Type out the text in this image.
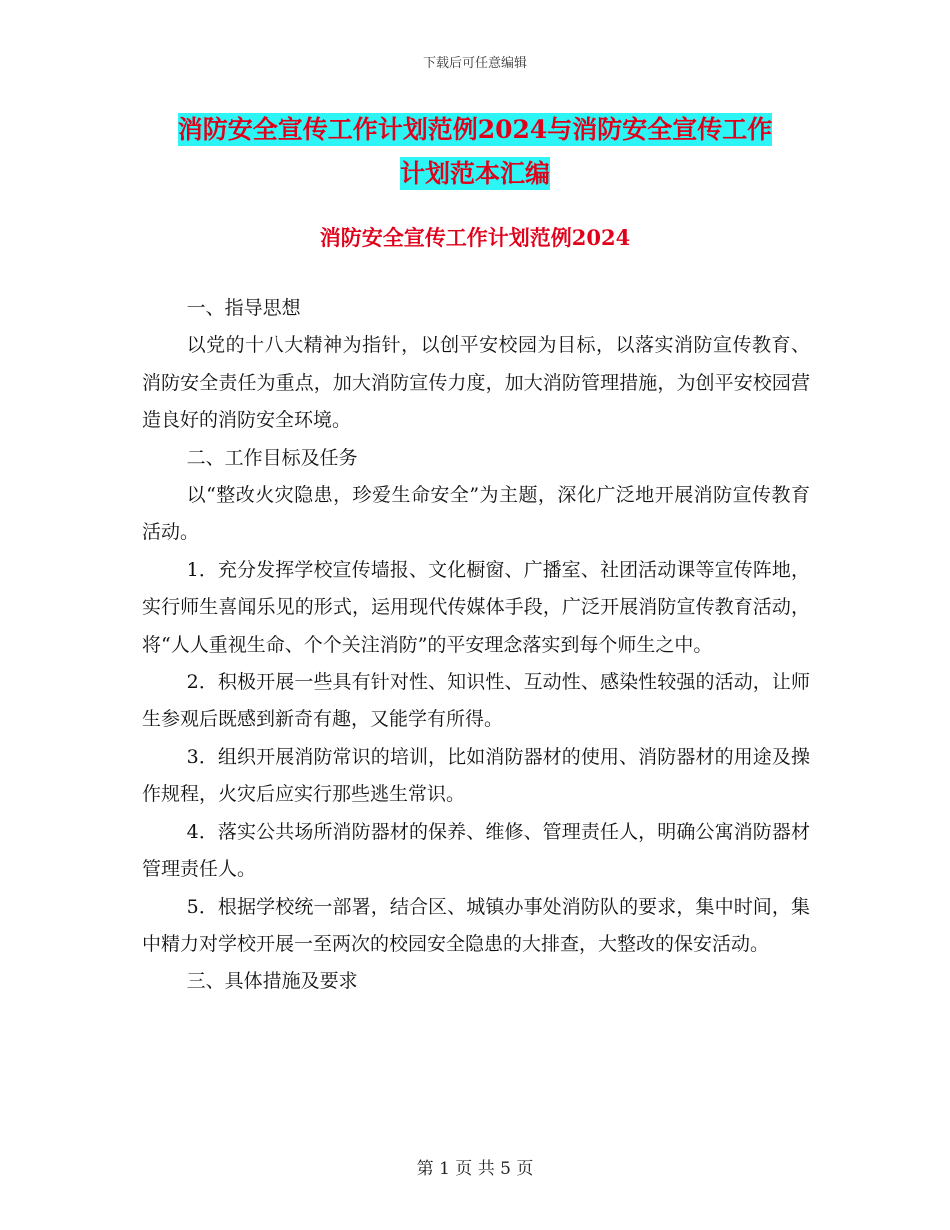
下载后可任意编辑
消防安全宣传工作计划范例2024与消防安全宣传工作
计划范本汇编
消防安全宣传工作计划范例2024

一、指导思想

以党的十八大精神为指针，以创平安校园为目标，以落实消防宣传教育、消防安全责任为重点，加大消防宣传力度，加大消防管理措施，为创平安校园营造良好的消防安全环境。

二、工作目标及任务

以“整改火灾隐患，珍爱生命安全”为主题，深化广泛地开展消防宣传教育活动。

1．充分发挥学校宣传墙报、文化橱窗、广播室、社团活动课等宣传阵地，实行师生喜闻乐见的形式，运用现代传媒体手段，广泛开展消防宣传教育活动，将“人人重视生命、个个关注消防”的平安理念落实到每个师生之中。

2．积极开展一些具有针对性、知识性、互动性、感染性较强的活动，让师生参观后既感到新奇有趣，又能学有所得。

3．组织开展消防常识的培训，比如消防器材的使用、消防器材的用途及操作规程，火灾后应实行那些逃生常识。

4．落实公共场所消防器材的保养、维修、管理责任人，明确公寓消防器材管理责任人。

5．根据学校统一部署，结合区、城镇办事处消防队的要求，集中时间，集中精力对学校开展一至两次的校园安全隐患的大排查，大整改的保安活动。

三、具体措施及要求

第 1 页 共 5 页
